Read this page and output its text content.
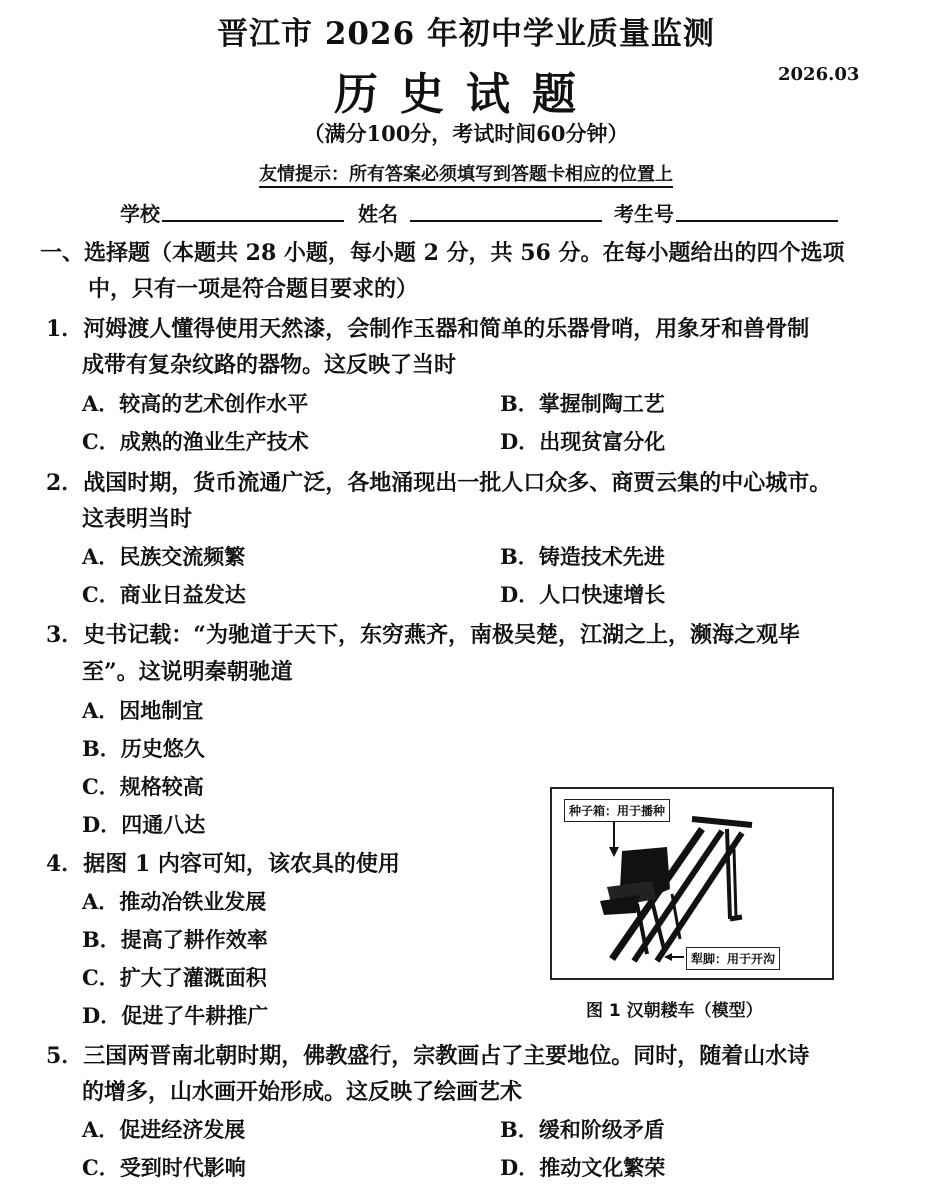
晋江市 2026 年初中学业质量监测
历史试题	2026.03
（满分100分，考试时间60分钟）
友情提示：所有答案必须填写到答题卡相应的位置上
学校	姓名	考生号
一、选择题（本题共 28 小题，每小题 2 分，共 56 分。在每小题给出的四个选项
中，只有一项是符合题目要求的）
1．河姆渡人懂得使用天然漆，会制作玉器和简单的乐器骨哨，用象牙和兽骨制
成带有复杂纹路的器物。这反映了当时
A．较高的艺术创作水平	B．掌握制陶工艺
C．成熟的渔业生产技术	D．出现贫富分化
2．战国时期，货币流通广泛，各地涌现出一批人口众多、商贾云集的中心城市。
这表明当时
A．民族交流频繁	B．铸造技术先进
C．商业日益发达	D．人口快速增长
3．史书记载：“为驰道于天下，东穷燕齐，南极吴楚，江湖之上，濒海之观毕
至”。这说明秦朝驰道
A．因地制宜
B．历史悠久
C．规格较高
D．四通八达
4．据图 1 内容可知，该农具的使用
A．推动冶铁业发展
B．提高了耕作效率
C．扩大了灌溉面积
D．促进了牛耕推广
种子箱：用于播种
犁脚：用于开沟
图 1 汉朝耧车（模型）
5．三国两晋南北朝时期，佛教盛行，宗教画占了主要地位。同时，随着山水诗
的增多，山水画开始形成。这反映了绘画艺术
A．促进经济发展	B．缓和阶级矛盾
C．受到时代影响	D．推动文化繁荣
